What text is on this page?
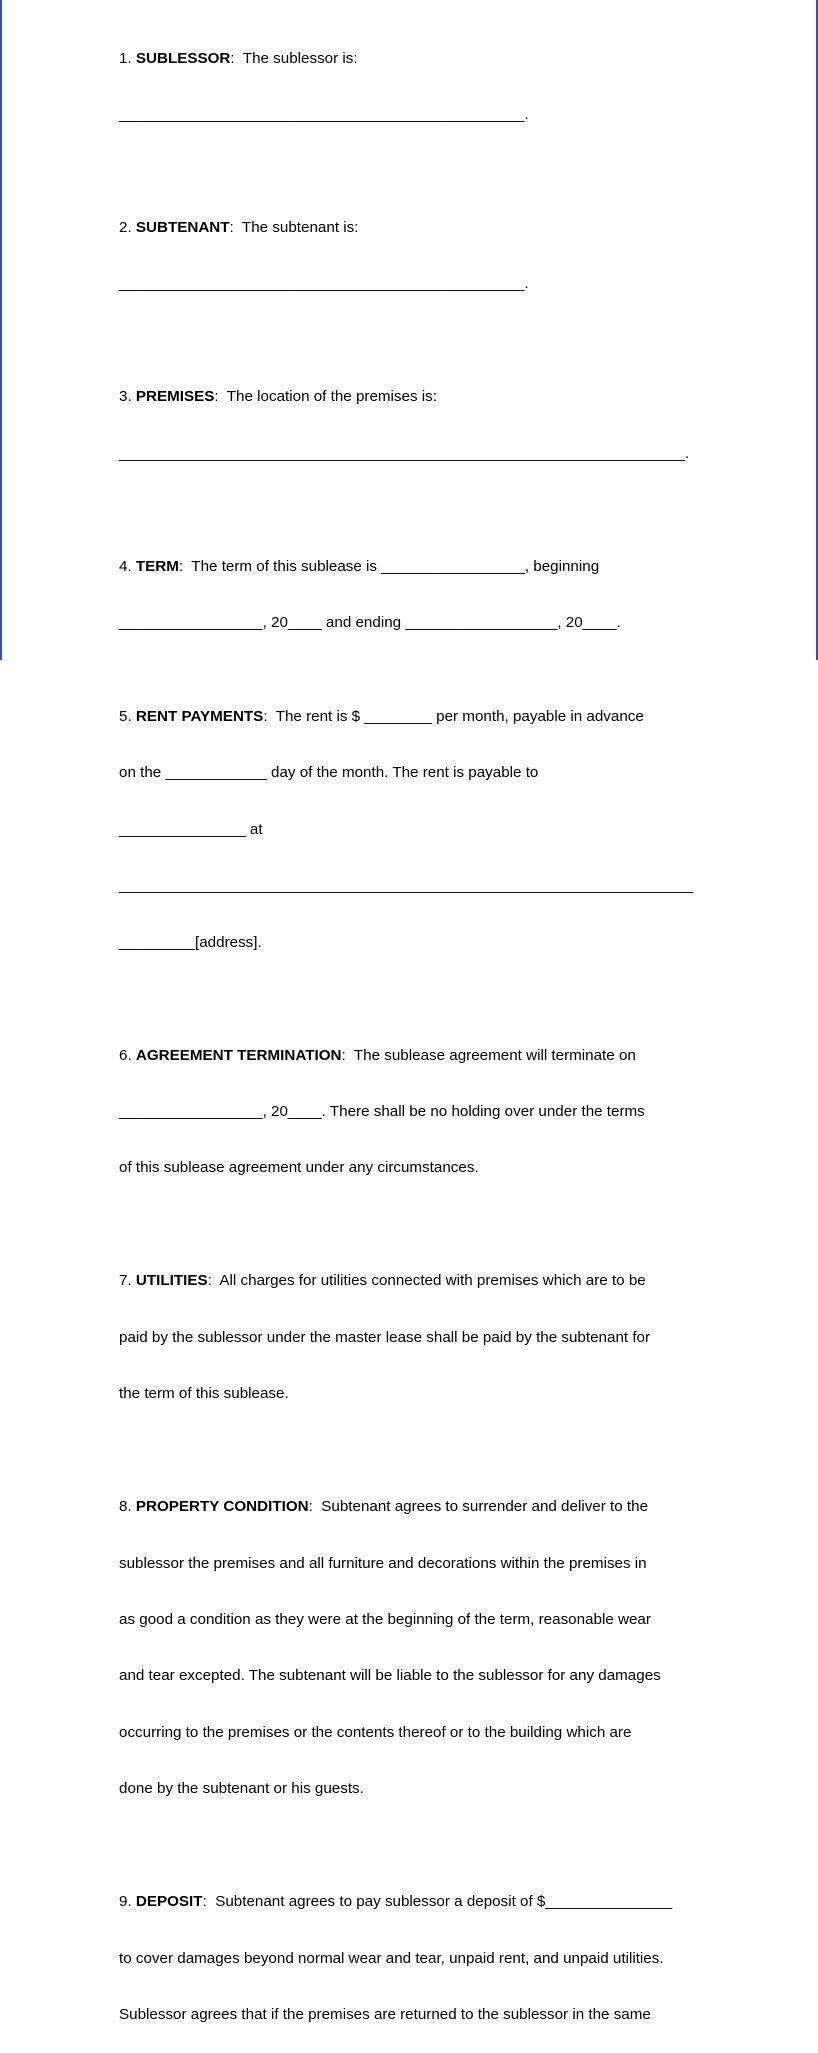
1. SUBLESSOR:  The sublessor is:

________________________________________________.

2. SUBTENANT:  The subtenant is:

________________________________________________.

3. PREMISES:  The location of the premises is:

___________________________________________________________________.

4. TERM:  The term of this sublease is _________________, beginning

_________________, 20____ and ending __________________, 20____.

5. RENT PAYMENTS:  The rent is $ ________ per month, payable in advance

on the ____________ day of the month. The rent is payable to

_______________ at

____________________________________________________________________

_________[address].

6. AGREEMENT TERMINATION:  The sublease agreement will terminate on

_________________, 20____. There shall be no holding over under the terms

of this sublease agreement under any circumstances.

7. UTILITIES:  All charges for utilities connected with premises which are to be

paid by the sublessor under the master lease shall be paid by the subtenant for

the term of this sublease.

8. PROPERTY CONDITION:  Subtenant agrees to surrender and deliver to the

sublessor the premises and all furniture and decorations within the premises in

as good a condition as they were at the beginning of the term, reasonable wear

and tear excepted. The subtenant will be liable to the sublessor for any damages

occurring to the premises or the contents thereof or to the building which are

done by the subtenant or his guests.

9. DEPOSIT:  Subtenant agrees to pay sublessor a deposit of $_______________

to cover damages beyond normal wear and tear, unpaid rent, and unpaid utilities.

Sublessor agrees that if the premises are returned to the sublessor in the same
